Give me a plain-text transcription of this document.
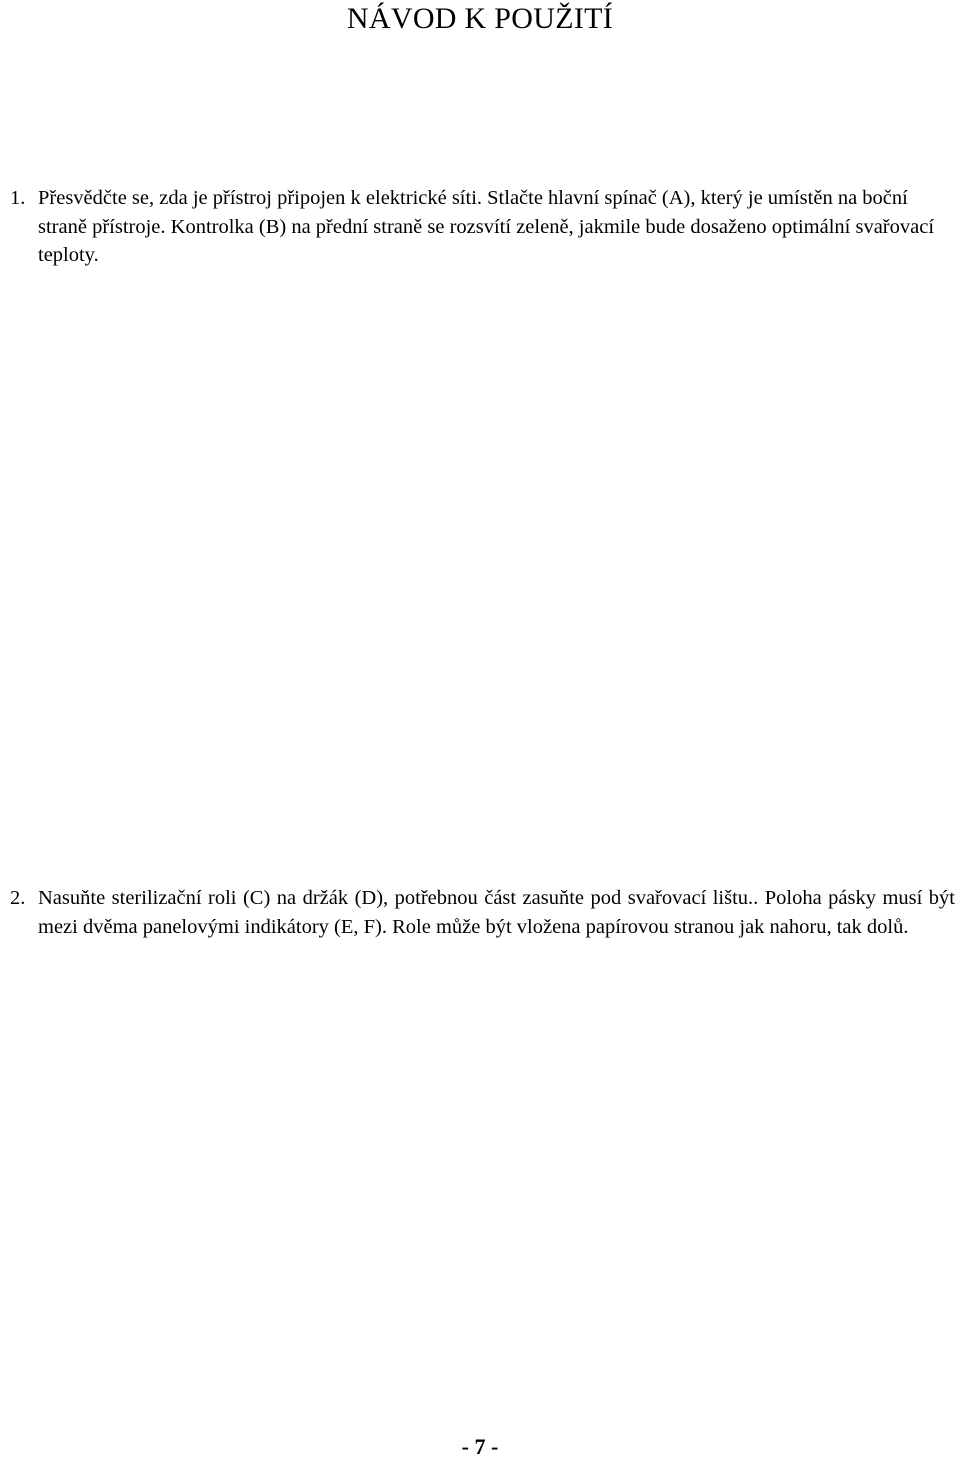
NÁVOD K POUŽITÍ
1. Přesvědčte se, zda je přístroj připojen k elektrické síti. Stlačte hlavní spínač (A), který je umístěn na boční straně přístroje. Kontrolka (B) na přední straně se rozsvítí zeleně, jakmile bude dosaženo optimální svařovací teploty.
2. Nasuňte sterilizační roli (C) na držák (D), potřebnou část zasuňte pod svařovací lištu.. Poloha pásky musí být mezi dvěma panelovými indikátory (E, F). Role může být vložena papírovou stranou jak nahoru, tak dolů.
- 7 -
